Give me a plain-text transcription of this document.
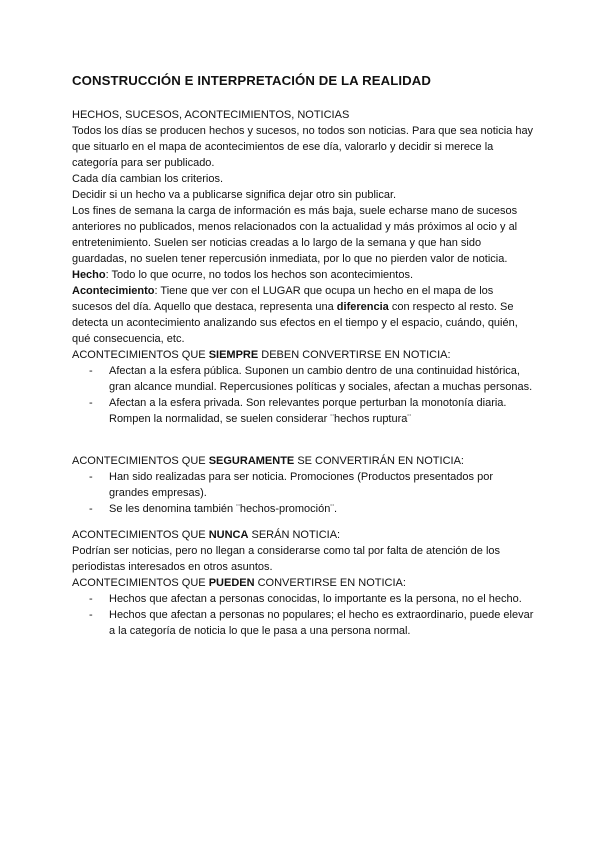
CONSTRUCCIÓN E INTERPRETACIÓN DE LA REALIDAD

HECHOS, SUCESOS, ACONTECIMIENTOS, NOTICIAS

Todos los días se producen hechos y sucesos, no todos son noticias. Para que sea noticia hay que situarlo en el mapa de acontecimientos de ese día, valorarlo y decidir si merece la categoría para ser publicado.

Cada día cambian los criterios.

Decidir si un hecho va a publicarse significa dejar otro sin publicar.

Los fines de semana la carga de información es más baja, suele echarse mano de sucesos anteriores no publicados, menos relacionados con la actualidad y más próximos al ocio y al entretenimiento. Suelen ser noticias creadas a lo largo de la semana y que han sido guardadas, no suelen tener repercusión inmediata, por lo que no pierden valor de noticia.

Hecho: Todo lo que ocurre, no todos los hechos son acontecimientos.

Acontecimiento: Tiene que ver con el LUGAR que ocupa un hecho en el mapa de los sucesos del día. Aquello que destaca, representa una diferencia con respecto al resto. Se detecta un acontecimiento analizando sus efectos en el tiempo y el espacio, cuándo, quién, qué consecuencia, etc.

ACONTECIMIENTOS QUE SIEMPRE DEBEN CONVERTIRSE EN NOTICIA:

- Afectan a la esfera pública. Suponen un cambio dentro de una continuidad histórica, gran alcance mundial. Repercusiones políticas y sociales, afectan a muchas personas.
- Afectan a la esfera privada. Son relevantes porque perturban la monotonía diaria. Rompen la normalidad, se suelen considerar ¨hechos ruptura¨

ACONTECIMIENTOS QUE SEGURAMENTE SE CONVERTIRÁN EN NOTICIA:

- Han sido realizadas para ser noticia. Promociones (Productos presentados por grandes empresas).
- Se les denomina también ¨hechos-promoción¨.

ACONTECIMIENTOS QUE NUNCA SERÁN NOTICIA:

Podrían ser noticias, pero no llegan a considerarse como tal por falta de atención de los periodistas interesados en otros asuntos.

ACONTECIMIENTOS QUE PUEDEN CONVERTIRSE EN NOTICIA:

- Hechos que afectan a personas conocidas, lo importante es la persona, no el hecho.
- Hechos que afectan a personas no populares; el hecho es extraordinario, puede elevar a la categoría de noticia lo que le pasa a una persona normal.
